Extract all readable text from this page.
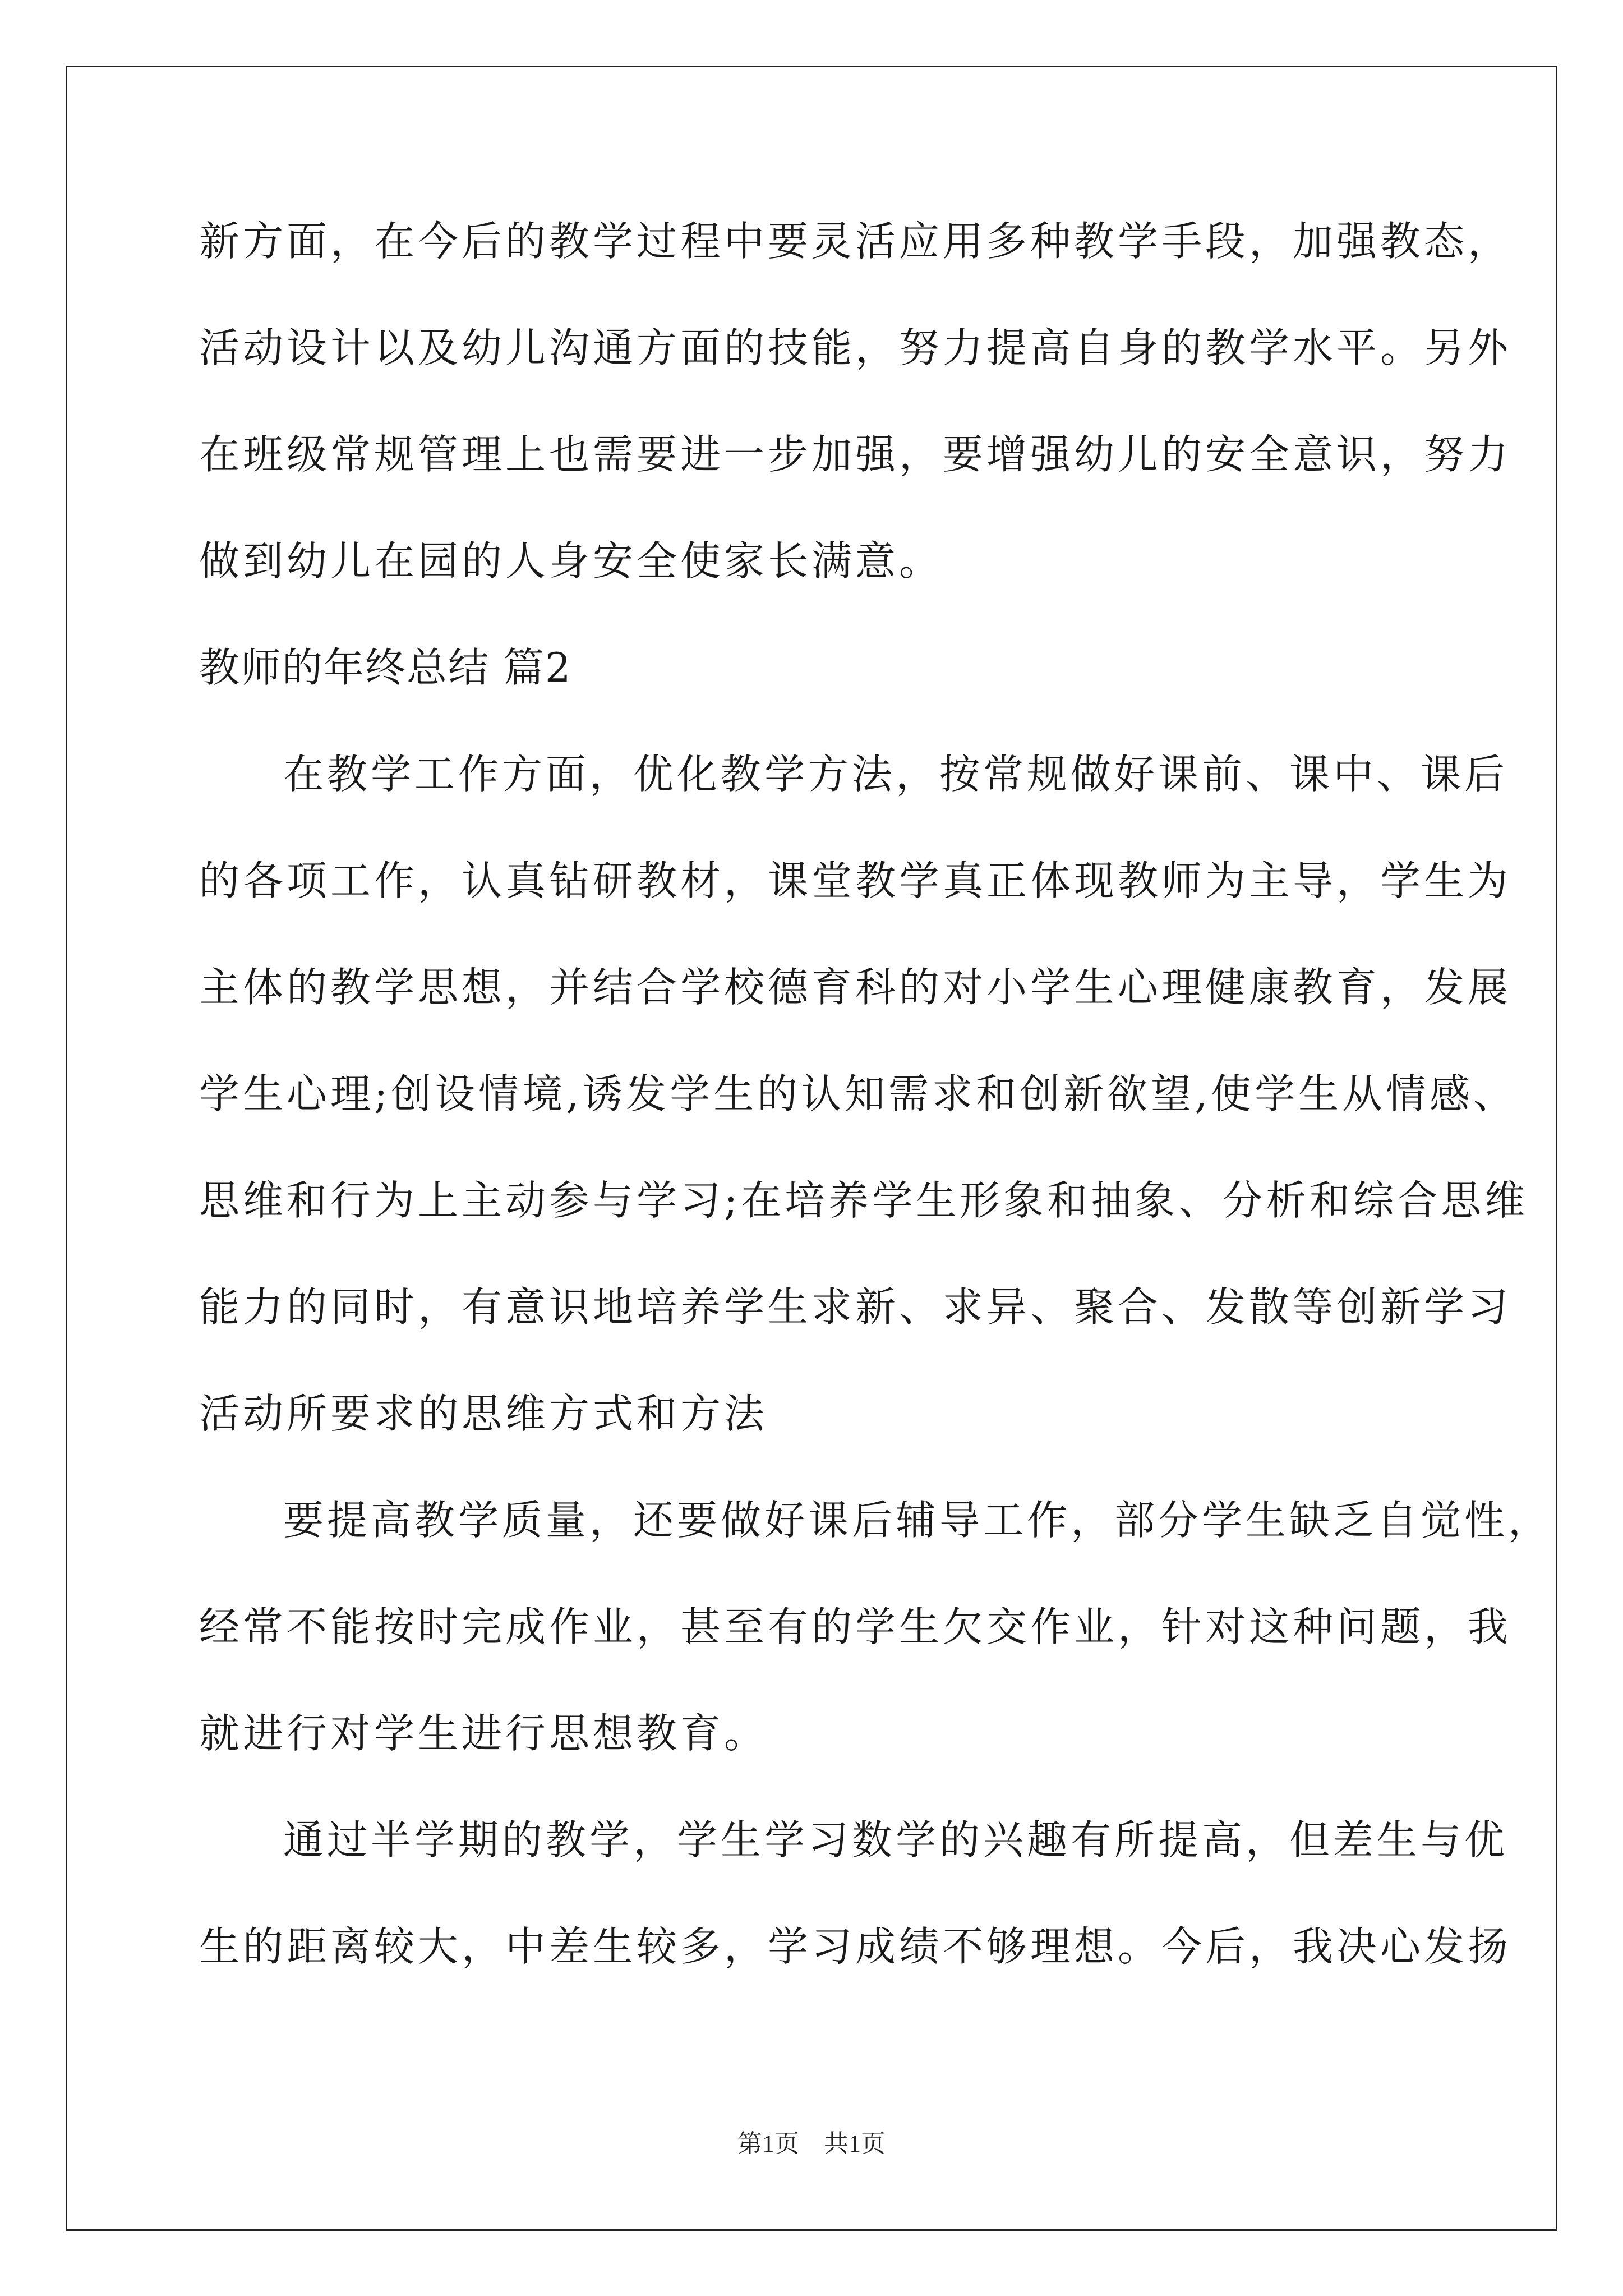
新方面，在今后的教学过程中要灵活应用多种教学手段，加强教态，
活动设计以及幼儿沟通方面的技能，努力提高自身的教学水平。另外
在班级常规管理上也需要进一步加强，要增强幼儿的安全意识，努力
做到幼儿在园的人身安全使家长满意。
教师的年终总结 篇2
在教学工作方面，优化教学方法，按常规做好课前、课中、课后
的各项工作，认真钻研教材，课堂教学真正体现教师为主导，学生为
主体的教学思想，并结合学校德育科的对小学生心理健康教育，发展
学生心理;创设情境,诱发学生的认知需求和创新欲望,使学生从情感、
思维和行为上主动参与学习;在培养学生形象和抽象、分析和综合思维
能力的同时，有意识地培养学生求新、求异、聚合、发散等创新学习
活动所要求的思维方式和方法
要提高教学质量，还要做好课后辅导工作，部分学生缺乏自觉性，
经常不能按时完成作业，甚至有的学生欠交作业，针对这种问题，我
就进行对学生进行思想教育。
通过半学期的教学，学生学习数学的兴趣有所提高，但差生与优
生的距离较大，中差生较多，学习成绩不够理想。今后，我决心发扬
第1页　共1页
